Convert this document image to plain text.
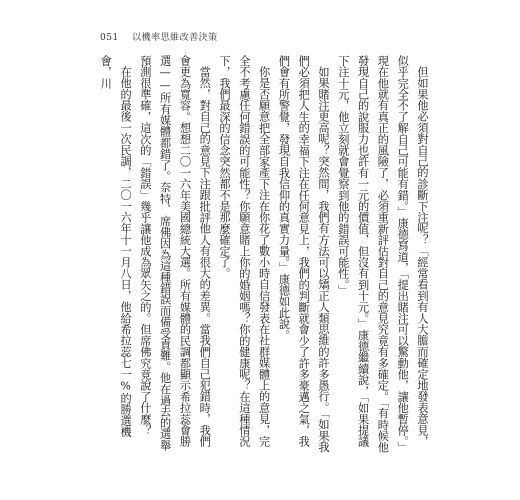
051 以機率思維改善決策

但如果他必須對自己的診斷下注呢？「經常看到有人大膽而確定地發表意見，似乎完全不了解自己可能有錯。」康德寫道，「提出賭注可以驚動他，讓他暫停。」現在他就有真正的風險了，必須重新評估對自己的意見究竟有多確定。「有時候他發現自己的說服力也許有一元的價值，但沒有到十元。」康德繼續說，「如果提議下注十元，他立刻就會覺察到他的錯誤可能性。」

如果賭注更高呢？突然間，我們有方法可以矯正人類思維的許多愚行。「如果我們必須把人生的幸福下注在任何意見上，我們的判斷就會少了許多豪邁之氣，我們會有所警覺，發現自我信仰的真實力量。」康德如此說。

你是否願意把全部家產下注在你花了數小時自信發表在社群媒體上的意見，完全不考慮任何錯誤的可能性？你願意賭上你的婚姻嗎？你的健康呢？在這種情況下，我們最深的信念突然都不是那麼確定了。

當然，對自己的意見下注跟批評他人有很大的差異。當我們自己犯錯時，我們會更為寬容。想想二〇一六年美國總統大選。所有媒體的民調都顯示希拉蕊會勝選——所有媒體都錯了。奈特．席佛因為這種錯誤而備受責難。他在過去的選舉預測很準確，這次的「錯誤」幾乎讓他成為眾矢之的。但席佛究竟說了什麼？

在他的最後一次民調，二〇一六年十一月八日，他給希拉蕊七一%的勝選機會，川
